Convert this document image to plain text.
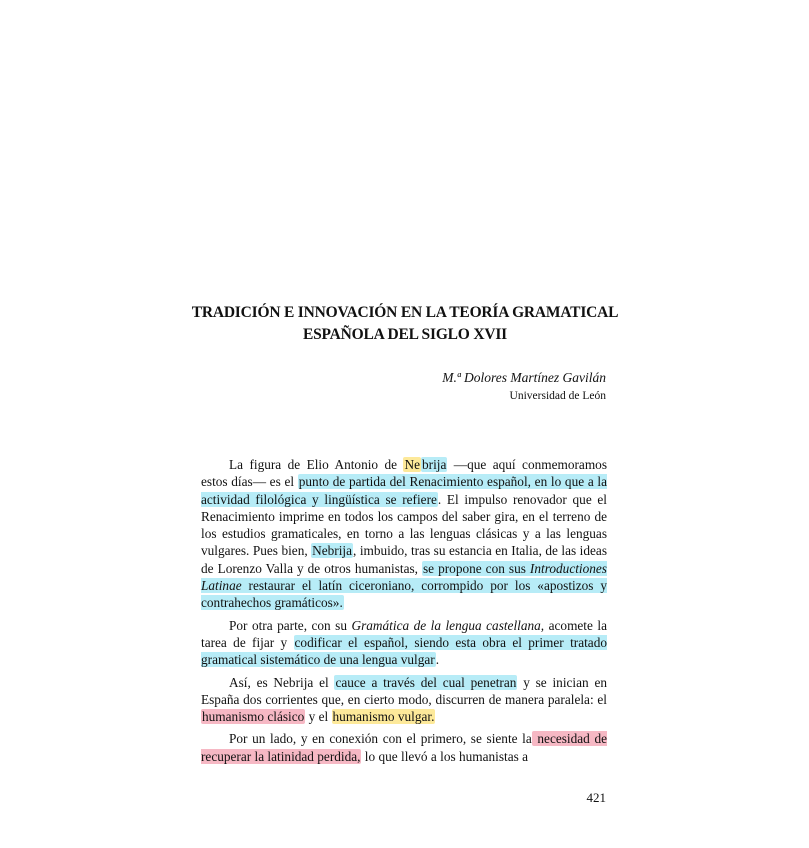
TRADICIÓN E INNOVACIÓN EN LA TEORÍA GRAMATICAL
ESPAÑOLA DEL SIGLO XVII
M.ª Dolores Martínez Gavilán
Universidad de León

La figura de Elio Antonio de Ne brija —que aquí conmemoramos estos días— es el punto de partida del Renacimiento español, en lo que a la actividad filológica y lingüística se refiere. El impulso renovador que el Renacimiento imprime en todos los campos del saber gira, en el terreno de los estudios gramaticales, en torno a las lenguas clásicas y a las lenguas vulgares. Pues bien, Nebrija, imbuido, tras su estancia en Italia, de las ideas de Lorenzo Valla y de otros humanistas, se propone con sus Introductiones Latinae restaurar el latín ciceroniano, corrompido por los «apostizos y contrahechos gramáticos».

Por otra parte, con su Gramática de la lengua castellana, acomete la tarea de fijar y codificar el español, siendo esta obra el primer tratado gramatical sistemático de una lengua vulgar.

Así, es Nebrija el cauce a través del cual penetran y se inician en España dos corrientes que, en cierto modo, discurren de manera paralela: el humanismo clásico y el humanismo vulgar.

Por un lado, y en conexión con el primero, se siente la necesidad de recuperar la latinidad perdida, lo que llevó a los humanistas a

421
